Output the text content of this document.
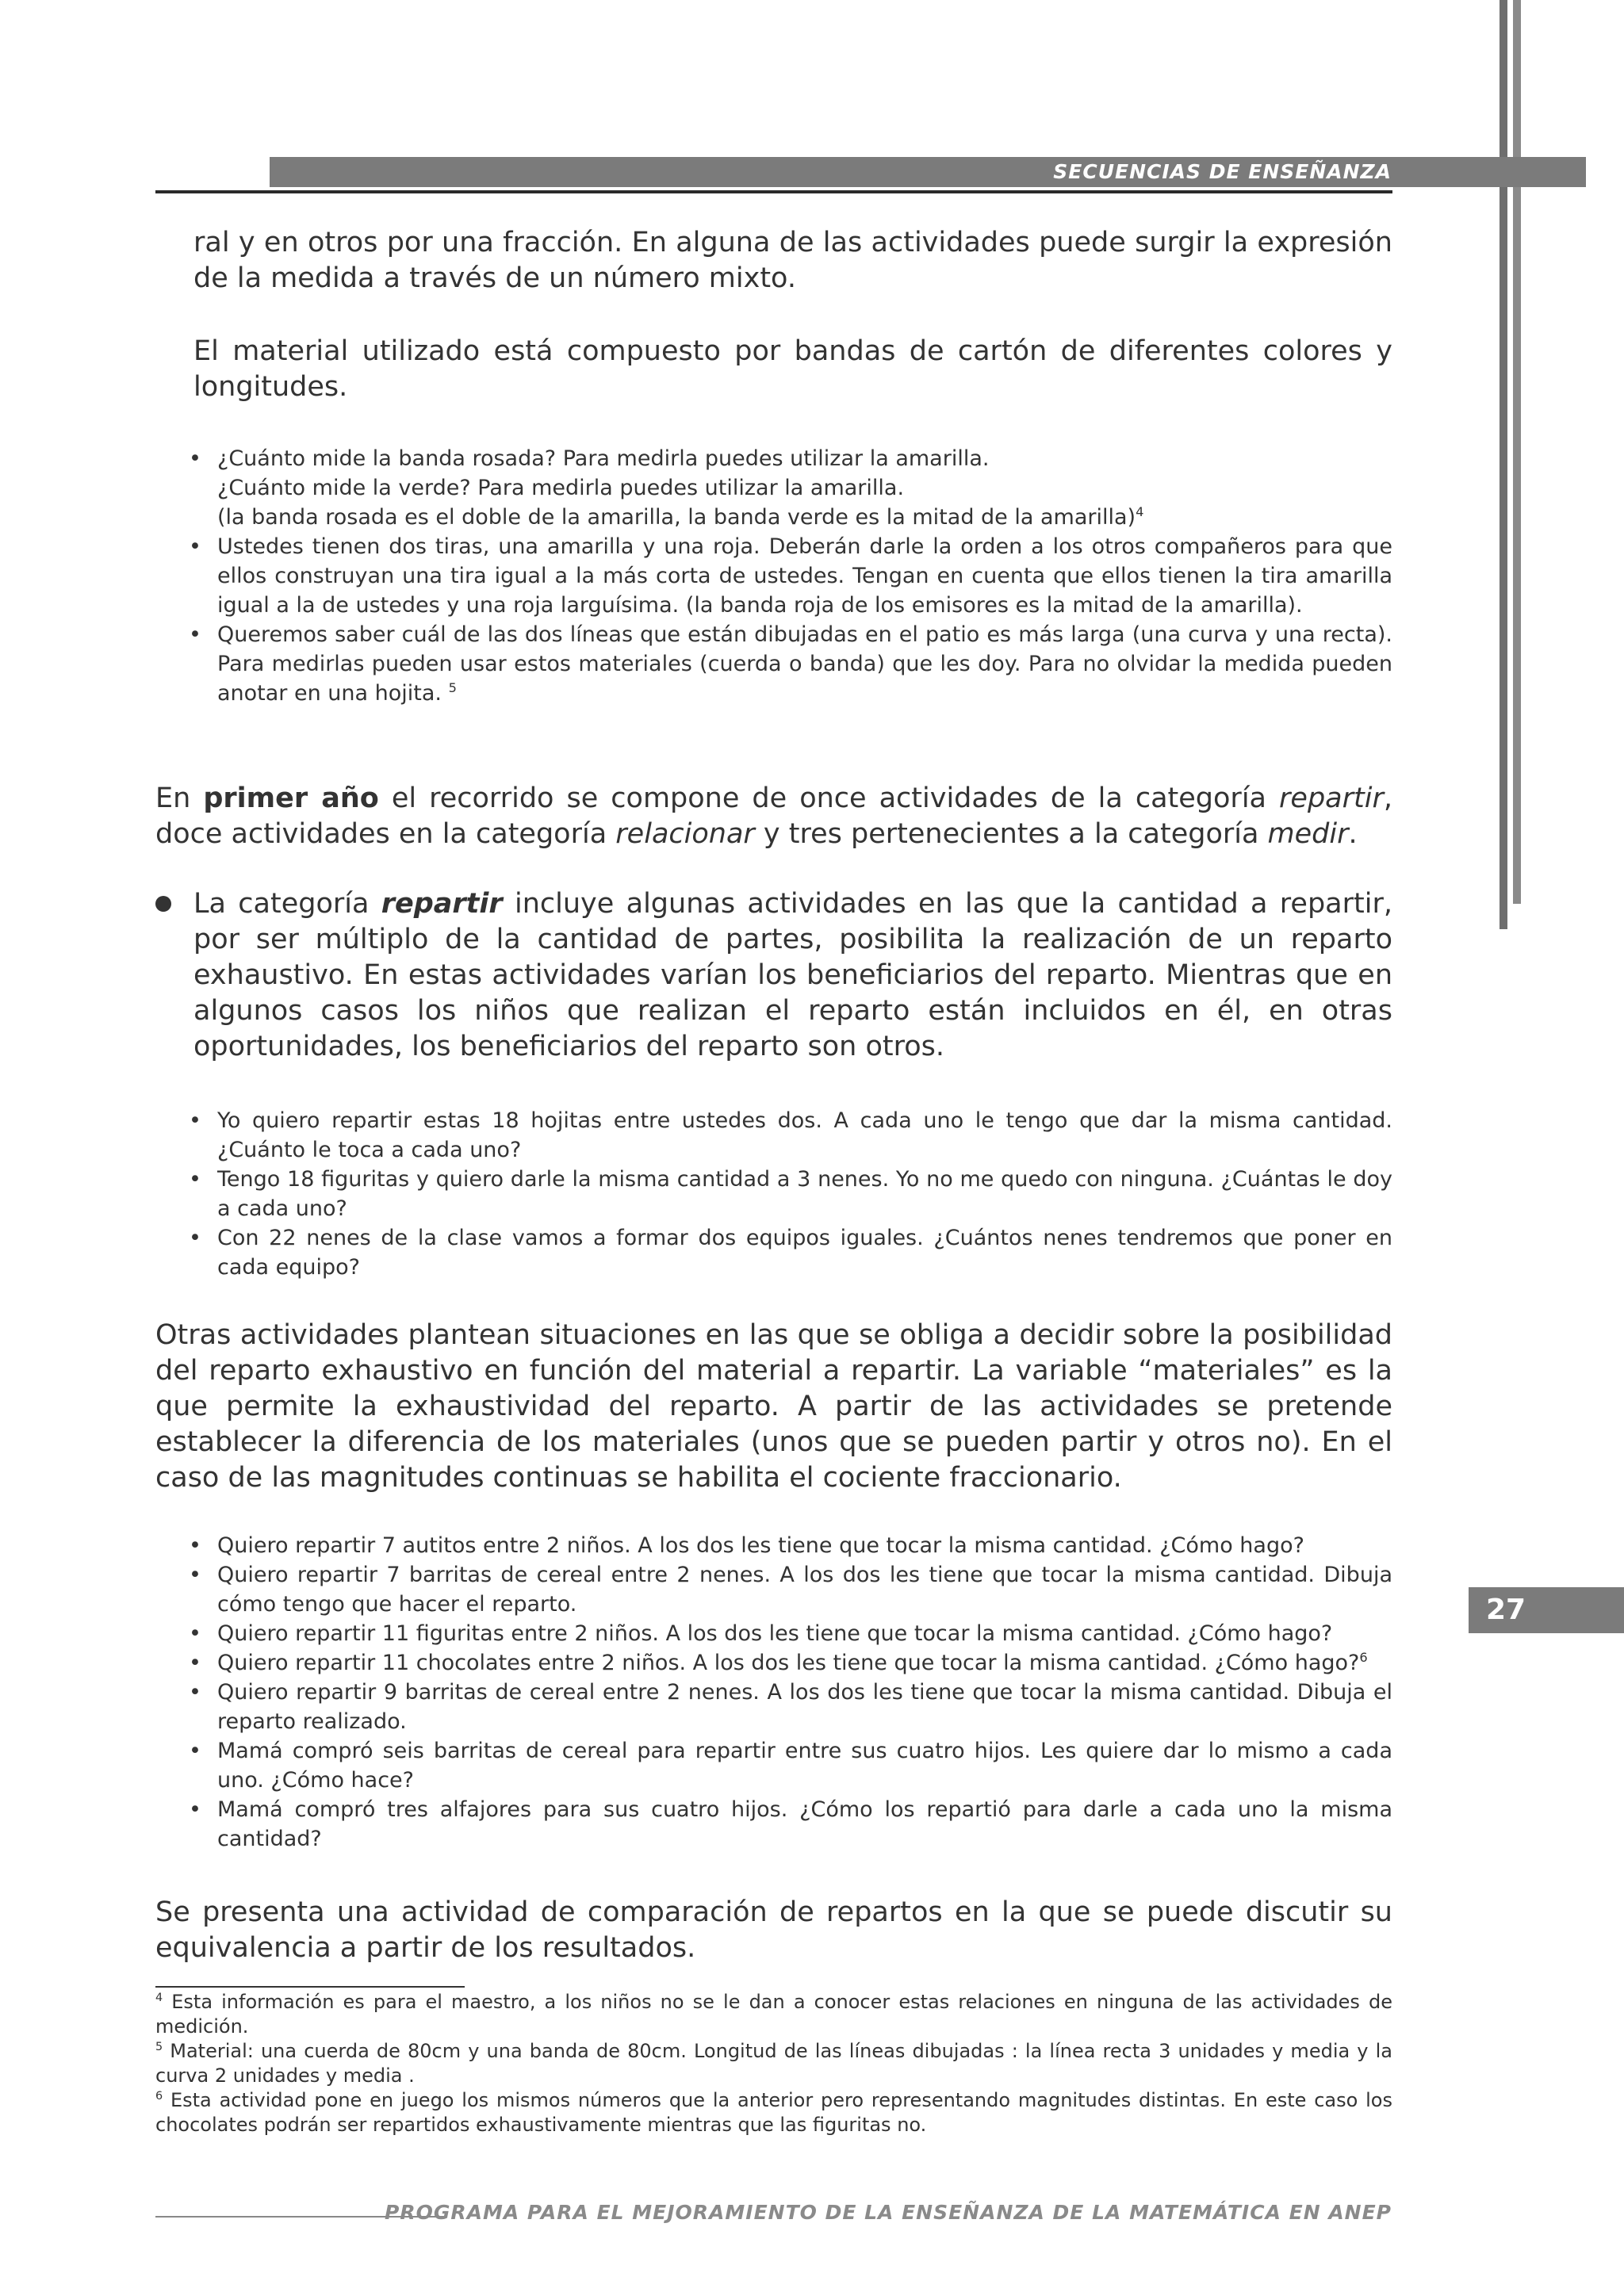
SECUENCIAS DE ENSEÑANZA
27

ral y en otros por una fracción. En alguna de las actividades puede surgir la expresión de la medida a través de un número mixto.

El material utilizado está compuesto por bandas de cartón de diferentes colores y longitudes.

• ¿Cuánto mide la banda rosada? Para medirla puedes utilizar la amarilla.
¿Cuánto mide la verde? Para medirla puedes utilizar la amarilla.
(la banda rosada es el doble de la amarilla, la banda verde es la mitad de la amarilla)$^4$
• Ustedes tienen dos tiras, una amarilla y una roja. Deberán darle la orden a los otros compañeros para que ellos construyan una tira igual a la más corta de ustedes. Tengan en cuenta que ellos tienen la tira amarilla igual a la de ustedes y una roja larguísima. (la banda roja de los emisores es la mitad de la amarilla).
• Queremos saber cuál de las dos líneas que están dibujadas en el patio es más larga (una curva y una recta). Para medirlas pueden usar estos materiales (cuerda o banda) que les doy. Para no olvidar la medida pueden anotar en una hojita. $^5$

En primer año el recorrido se compone de once actividades de la categoría repartir, doce actividades en la categoría relacionar y tres pertenecientes a la categoría medir.

La categoría repartir incluye algunas actividades en las que la cantidad a repartir, por ser múltiplo de la cantidad de partes, posibilita la realización de un reparto exhaustivo. En estas actividades varían los beneficiarios del reparto. Mientras que en algunos casos los niños que realizan el reparto están incluidos en él, en otras oportunidades, los beneficiarios del reparto son otros.

• Yo quiero repartir estas 18 hojitas entre ustedes dos. A cada uno le tengo que dar la misma cantidad. ¿Cuánto le toca a cada uno?
• Tengo 18 figuritas y quiero darle la misma cantidad a 3 nenes. Yo no me quedo con ninguna. ¿Cuántas le doy a cada uno?
• Con 22 nenes de la clase vamos a formar dos equipos iguales. ¿Cuántos nenes tendremos que poner en cada equipo?

Otras actividades plantean situaciones en las que se obliga a decidir sobre la posibilidad del reparto exhaustivo en función del material a repartir. La variable “materiales” es la que permite la exhaustividad del reparto. A partir de las actividades se pretende establecer la diferencia de los materiales (unos que se pueden partir y otros no). En el caso de las magnitudes continuas se habilita el cociente fraccionario.

• Quiero repartir 7 autitos entre 2 niños. A los dos les tiene que tocar la misma cantidad. ¿Cómo hago?
• Quiero repartir 7 barritas de cereal entre 2 nenes. A los dos les tiene que tocar la misma cantidad. Dibuja cómo tengo que hacer el reparto.
• Quiero repartir 11 figuritas entre 2 niños. A los dos les tiene que tocar la misma cantidad. ¿Cómo hago?
• Quiero repartir 11 chocolates entre 2 niños. A los dos les tiene que tocar la misma cantidad. ¿Cómo hago?$^6$
• Quiero repartir 9 barritas de cereal entre 2 nenes. A los dos les tiene que tocar la misma cantidad. Dibuja el reparto realizado.
• Mamá compró seis barritas de cereal para repartir entre sus cuatro hijos. Les quiere dar lo mismo a cada uno. ¿Cómo hace?
• Mamá compró tres alfajores para sus cuatro hijos. ¿Cómo los repartió para darle a cada uno la misma cantidad?

Se presenta una actividad de comparación de repartos en la que se puede discutir su equivalencia a partir de los resultados.

$^4$ Esta información es para el maestro, a los niños no se le dan a conocer estas relaciones en ninguna de las actividades de medición.

$^5$ Material: una cuerda de 80cm y una banda de 80cm. Longitud de las líneas dibujadas : la línea recta 3 unidades y media y la curva 2 unidades y media .

$^6$ Esta actividad pone en juego los mismos números que la anterior pero representando magnitudes distintas. En este caso los chocolates podrán ser repartidos exhaustivamente mientras que las figuritas no.

PROGRAMA PARA EL MEJORAMIENTO DE LA ENSEÑANZA DE LA MATEMÁTICA EN ANEP
